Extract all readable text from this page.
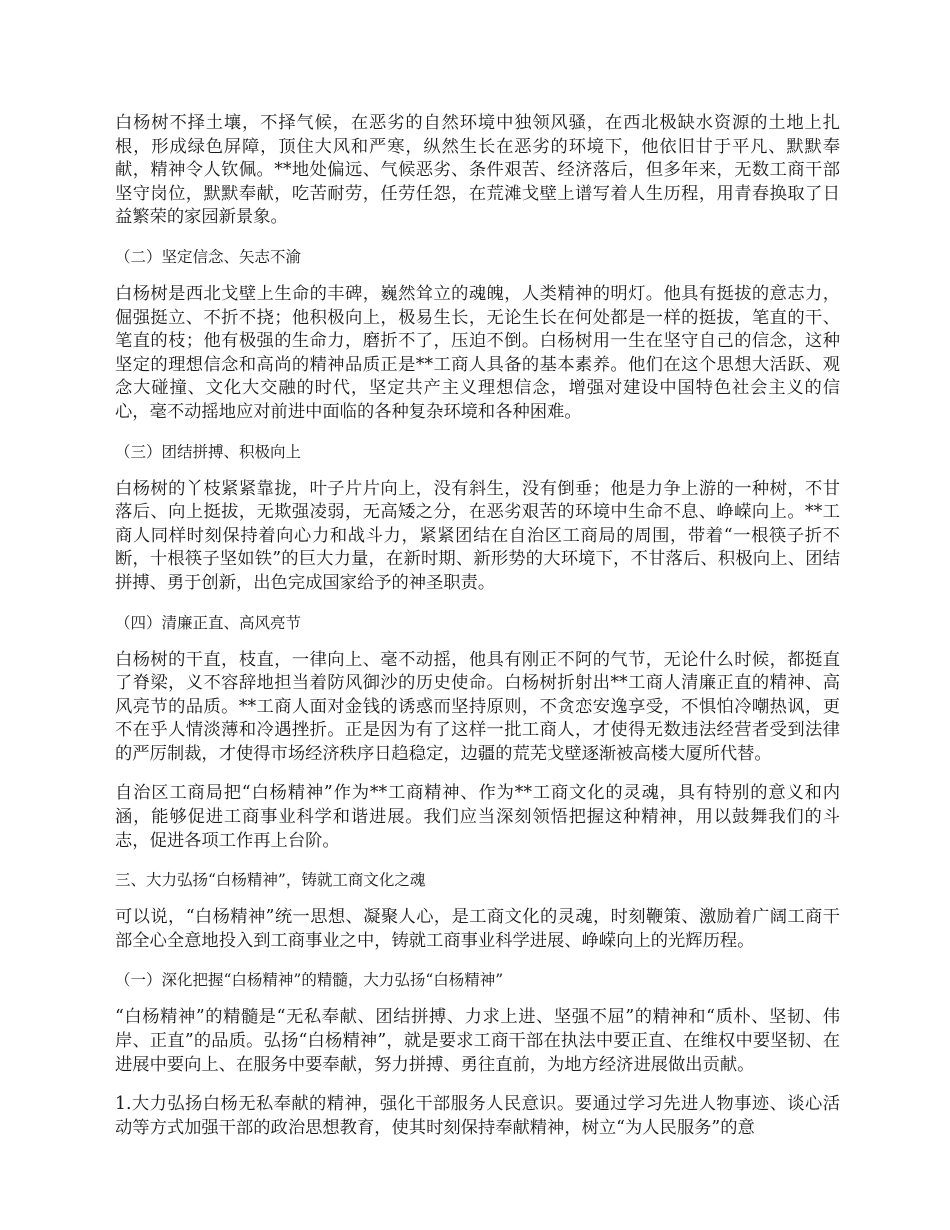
白杨树不择土壤，不择气候，在恶劣的自然环境中独领风骚，在西北极缺水资源的土地上扎根，形成绿色屏障，顶住大风和严寒，纵然生长在恶劣的环境下，他依旧甘于平凡、默默奉献，精神令人钦佩。**地处偏远、气候恶劣、条件艰苦、经济落后，但多年来，无数工商干部坚守岗位，默默奉献，吃苦耐劳，任劳任怨，在荒滩戈壁上谱写着人生历程，用青春换取了日益繁荣的家园新景象。

（二）坚定信念、矢志不渝

白杨树是西北戈壁上生命的丰碑，巍然耸立的魂魄，人类精神的明灯。他具有挺拔的意志力，倔强挺立、不折不挠；他积极向上，极易生长，无论生长在何处都是一样的挺拔，笔直的干、笔直的枝；他有极强的生命力，磨折不了，压迫不倒。白杨树用一生在坚守自己的信念，这种坚定的理想信念和高尚的精神品质正是**工商人具备的基本素养。他们在这个思想大活跃、观念大碰撞、文化大交融的时代，坚定共产主义理想信念，增强对建设中国特色社会主义的信心，毫不动摇地应对前进中面临的各种复杂环境和各种困难。

（三）团结拼搏、积极向上

白杨树的丫枝紧紧靠拢，叶子片片向上，没有斜生，没有倒垂；他是力争上游的一种树，不甘落后、向上挺拔，无欺强凌弱，无高矮之分，在恶劣艰苦的环境中生命不息、峥嵘向上。**工商人同样时刻保持着向心力和战斗力，紧紧团结在自治区工商局的周围，带着“一根筷子折不断，十根筷子坚如铁”的巨大力量，在新时期、新形势的大环境下，不甘落后、积极向上、团结拼搏、勇于创新，出色完成国家给予的神圣职责。

（四）清廉正直、高风亮节

白杨树的干直，枝直，一律向上、毫不动摇，他具有刚正不阿的气节，无论什么时候，都挺直了脊梁，义不容辞地担当着防风御沙的历史使命。白杨树折射出**工商人清廉正直的精神、高风亮节的品质。**工商人面对金钱的诱惑而坚持原则，不贪恋安逸享受，不惧怕冷嘲热讽，更不在乎人情淡薄和冷遇挫折。正是因为有了这样一批工商人，才使得无数违法经营者受到法律的严厉制裁，才使得市场经济秩序日趋稳定，边疆的荒芜戈壁逐渐被高楼大厦所代替。

自治区工商局把“白杨精神”作为**工商精神、作为**工商文化的灵魂，具有特别的意义和内涵，能够促进工商事业科学和谐进展。我们应当深刻领悟把握这种精神，用以鼓舞我们的斗志，促进各项工作再上台阶。

三、大力弘扬“白杨精神”，铸就工商文化之魂

可以说，“白杨精神”统一思想、凝聚人心，是工商文化的灵魂，时刻鞭策、激励着广阔工商干部全心全意地投入到工商事业之中，铸就工商事业科学进展、峥嵘向上的光辉历程。

（一）深化把握“白杨精神”的精髓，大力弘扬“白杨精神”

“白杨精神”的精髓是“无私奉献、团结拼搏、力求上进、坚强不屈”的精神和“质朴、坚韧、伟岸、正直”的品质。弘扬“白杨精神”，就是要求工商干部在执法中要正直、在维权中要坚韧、在进展中要向上、在服务中要奉献，努力拼搏、勇往直前，为地方经济进展做出贡献。

1.大力弘扬白杨无私奉献的精神，强化干部服务人民意识。要通过学习先进人物事迹、谈心活动等方式加强干部的政治思想教育，使其时刻保持奉献精神，树立“为人民服务”的意
